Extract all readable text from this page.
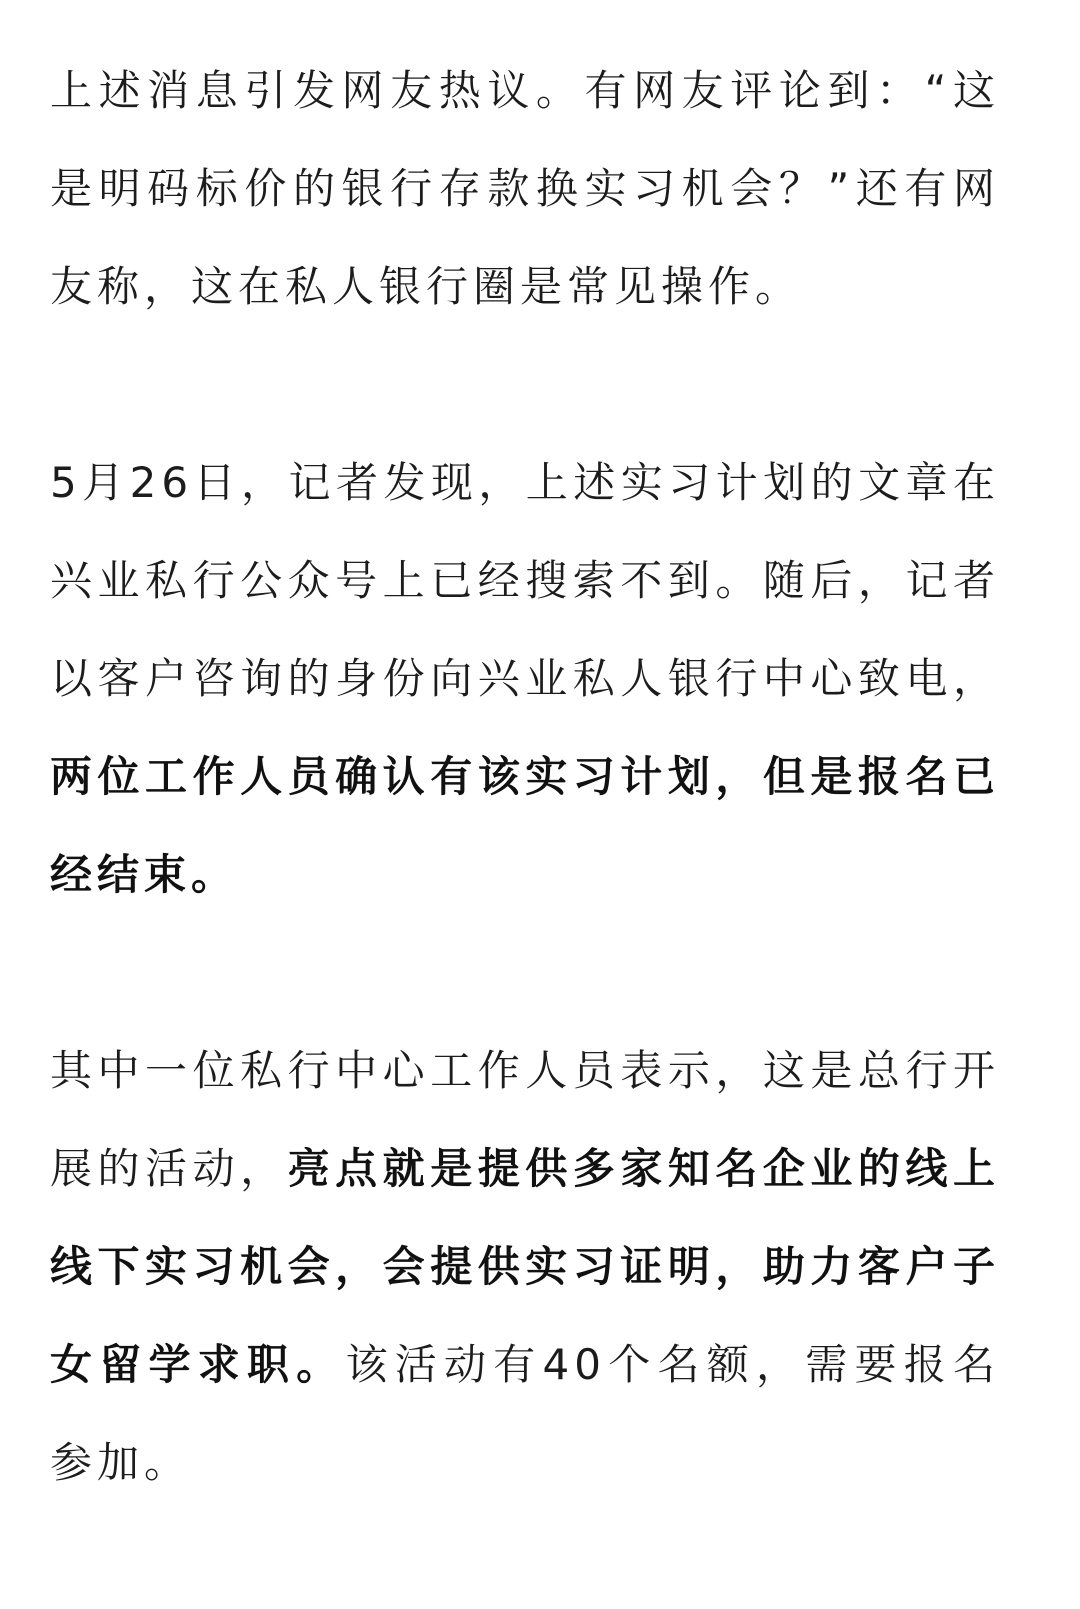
上述消息引发网友热议。有网友评论到：“这是明码标价的银行存款换实习机会？”还有网友称，这在私人银行圈是常见操作。

5月26日，记者发现，上述实习计划的文章在兴业私行公众号上已经搜索不到。随后，记者以客户咨询的身份向兴业私人银行中心致电，两位工作人员确认有该实习计划，但是报名已经结束。

其中一位私行中心工作人员表示，这是总行开展的活动，亮点就是提供多家知名企业的线上线下实习机会，会提供实习证明，助力客户子女留学求职。该活动有40个名额，需要报名参加。
